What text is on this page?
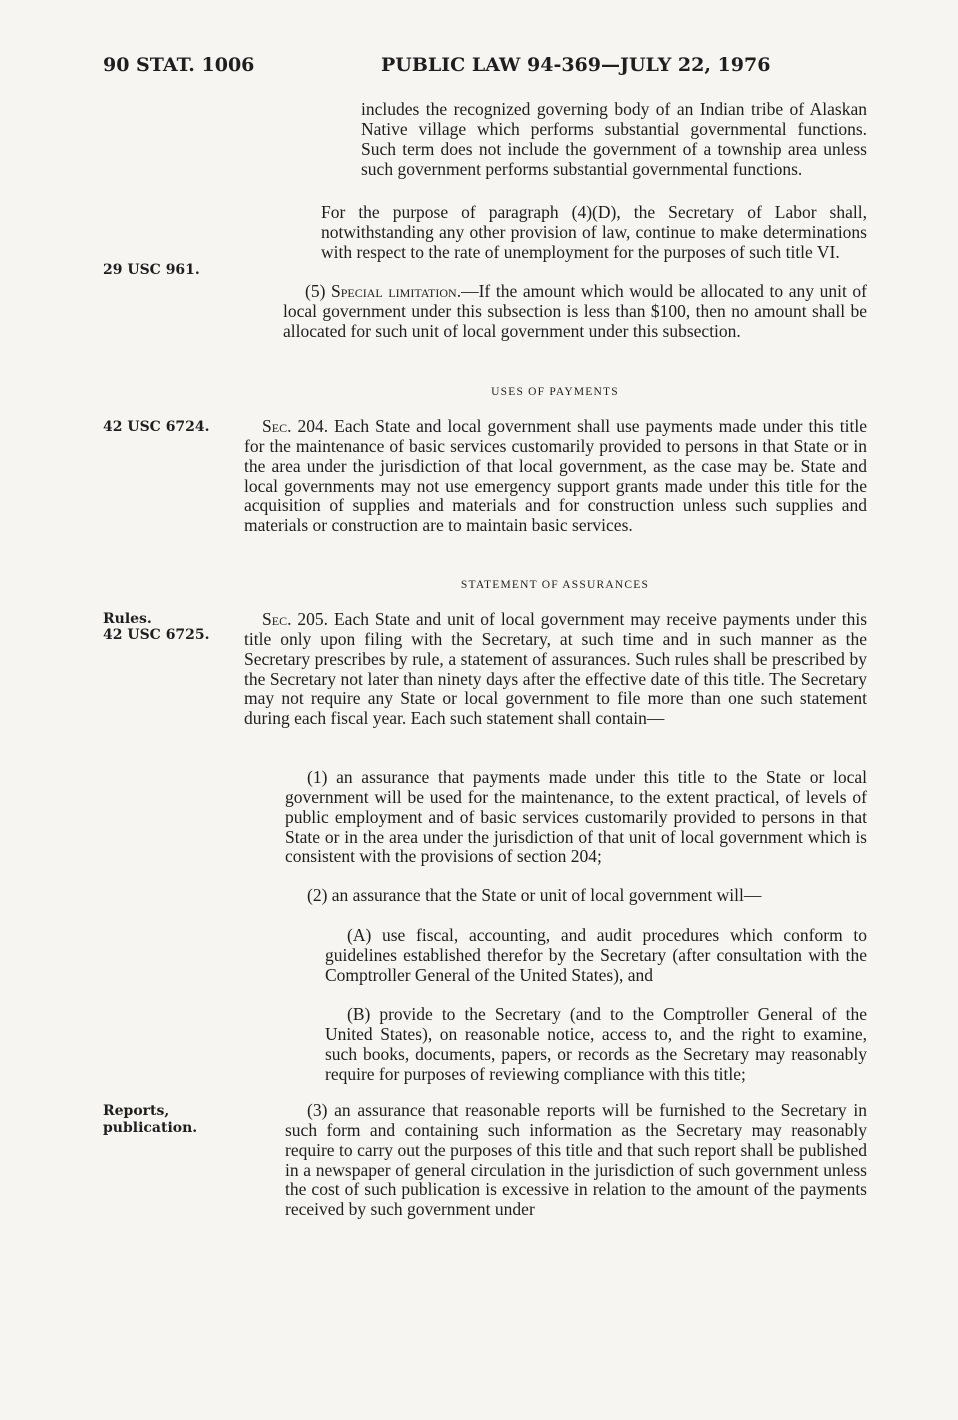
90 STAT. 1006	PUBLIC LAW 94-369—JULY 22, 1976
29 USC 961.
42 USC 6724.
Rules.
42 USC 6725.
Reports,
publication.
includes the recognized governing body of an Indian tribe of Alaskan Native village which performs substantial governmental functions. Such term does not include the government of a township area unless such government performs substantial governmental functions.
For the purpose of paragraph (4)(D), the Secretary of Labor shall, notwithstanding any other provision of law, continue to make determinations with respect to the rate of unemployment for the purposes of such title VI.
(5) Special limitation.—If the amount which would be allocated to any unit of local government under this subsection is less than $100, then no amount shall be allocated for such unit of local government under this subsection.
USES OF PAYMENTS
Sec. 204. Each State and local government shall use payments made under this title for the maintenance of basic services customarily provided to persons in that State or in the area under the jurisdiction of that local government, as the case may be. State and local governments may not use emergency support grants made under this title for the acquisition of supplies and materials and for construction unless such supplies and materials or construction are to maintain basic services.
STATEMENT OF ASSURANCES
Sec. 205. Each State and unit of local government may receive payments under this title only upon filing with the Secretary, at such time and in such manner as the Secretary prescribes by rule, a statement of assurances. Such rules shall be prescribed by the Secretary not later than ninety days after the effective date of this title. The Secretary may not require any State or local government to file more than one such statement during each fiscal year. Each such statement shall contain—
(1) an assurance that payments made under this title to the State or local government will be used for the maintenance, to the extent practical, of levels of public employment and of basic services customarily provided to persons in that State or in the area under the jurisdiction of that unit of local government which is consistent with the provisions of section 204;
(2) an assurance that the State or unit of local government will—
(A) use fiscal, accounting, and audit procedures which conform to guidelines established therefor by the Secretary (after consultation with the Comptroller General of the United States), and
(B) provide to the Secretary (and to the Comptroller General of the United States), on reasonable notice, access to, and the right to examine, such books, documents, papers, or records as the Secretary may reasonably require for purposes of reviewing compliance with this title;
(3) an assurance that reasonable reports will be furnished to the Secretary in such form and containing such information as the Secretary may reasonably require to carry out the purposes of this title and that such report shall be published in a newspaper of general circulation in the jurisdiction of such government unless the cost of such publication is excessive in relation to the amount of the payments received by such government under
